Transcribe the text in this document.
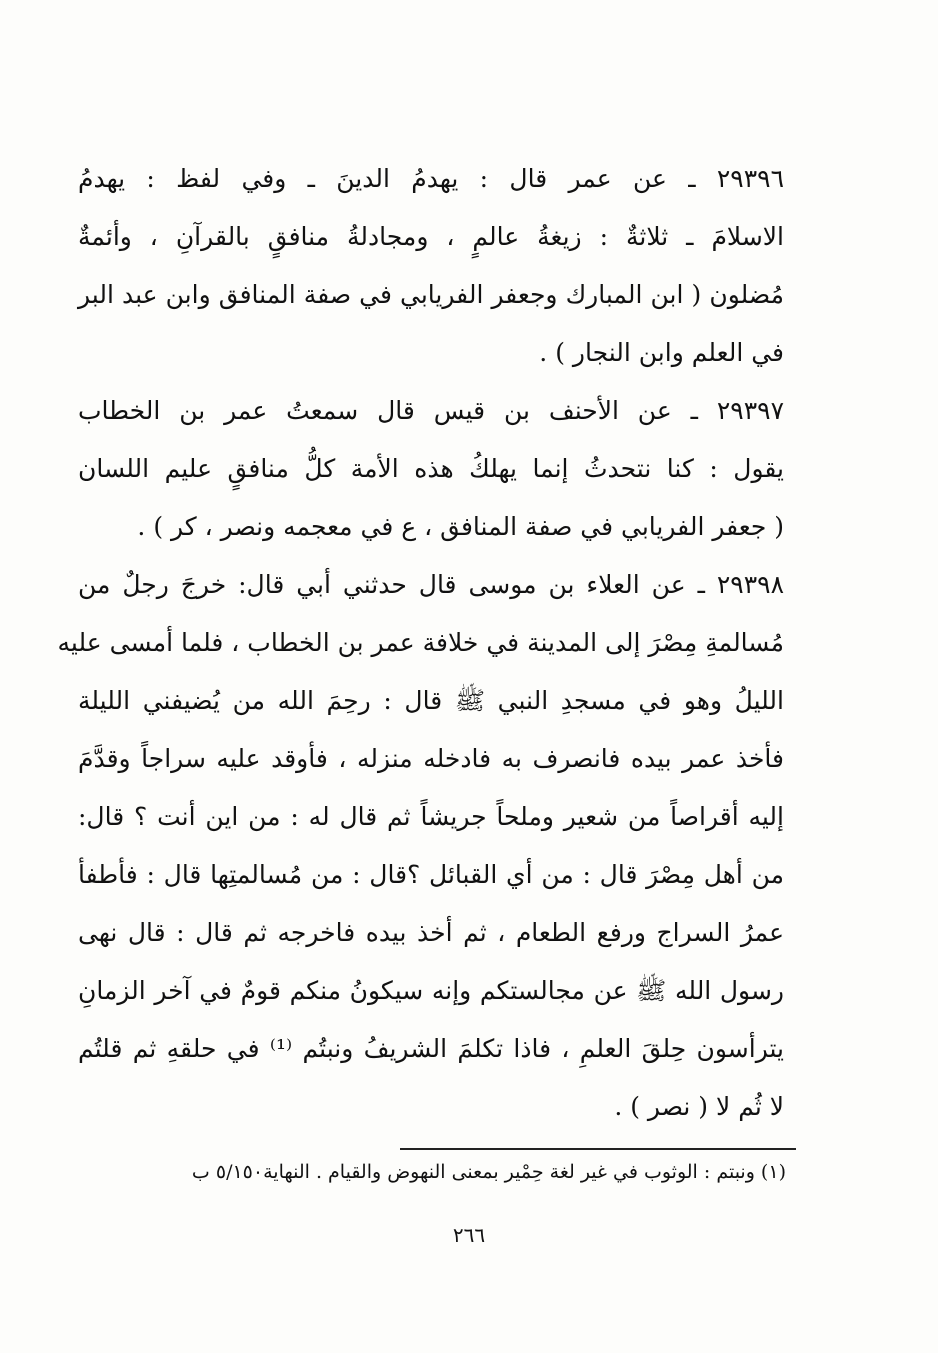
٢٩٣٩٦ ـ عن عمر قال : يهدمُ الدينَ ـ وفي لفظ : يهدمُ
الاسلامَ ـ ثلاثةٌ : زيغةُ عالمٍ ، ومجادلةُ منافقٍ بالقرآنِ ، وأئمةٌ
مُضلون ( ابن المبارك وجعفر الفريابي في صفة المنافق وابن عبد البر
في العلم وابن النجار ) .
٢٩٣٩٧ ـ عن الأحنف بن قيس قال سمعتُ عمر بن الخطاب
يقول : كنا نتحدثُ إنما يهلكُ هذه الأمة كلُّ منافقٍ عليم اللسان
( جعفر الفريابي في صفة المنافق ، ع في معجمه ونصر ، كر ) .
٢٩٣٩٨ ـ عن العلاء بن موسى قال حدثني أبي قال: خرجَ رجلٌ من
مُسالمةِ مِصْرَ إلى المدينة في خلافة عمر بن الخطاب ، فلما أمسى عليه
الليلُ وهو في مسجدِ النبي ﷺ قال : رحِمَ الله من يُضيفني الليلة
فأخذ عمر بيده فانصرف به فادخله منزله ، فأوقد عليه سراجاً وقدَّمَ
إليه أقراصاً من شعير وملحاً جريشاً ثم قال له : من اين أنت ؟ قال:
من أهل مِصْرَ قال : من أي القبائل ؟قال : من مُسالمتِها قال : فأطفأ
عمرُ السراج ورفع الطعام ، ثم أخذ بيده فاخرجه ثم قال : قال نهى
رسول الله ﷺ عن مجالستكم وإنه سيكونُ منكم قومٌ في آخر الزمانِ
يترأسون حِلقَ العلمِ ، فاذا تكلمَ الشريفُ ونبتُم ⁽¹⁾ في حلقهِ ثم قلتُم
لا ثُم لا ( نصر ) .
(١) ونبتم : الوثوب في غير لغة حِمْير بمعنى النهوض والقيام . النهاية٥/١٥٠ ب
٢٦٦
